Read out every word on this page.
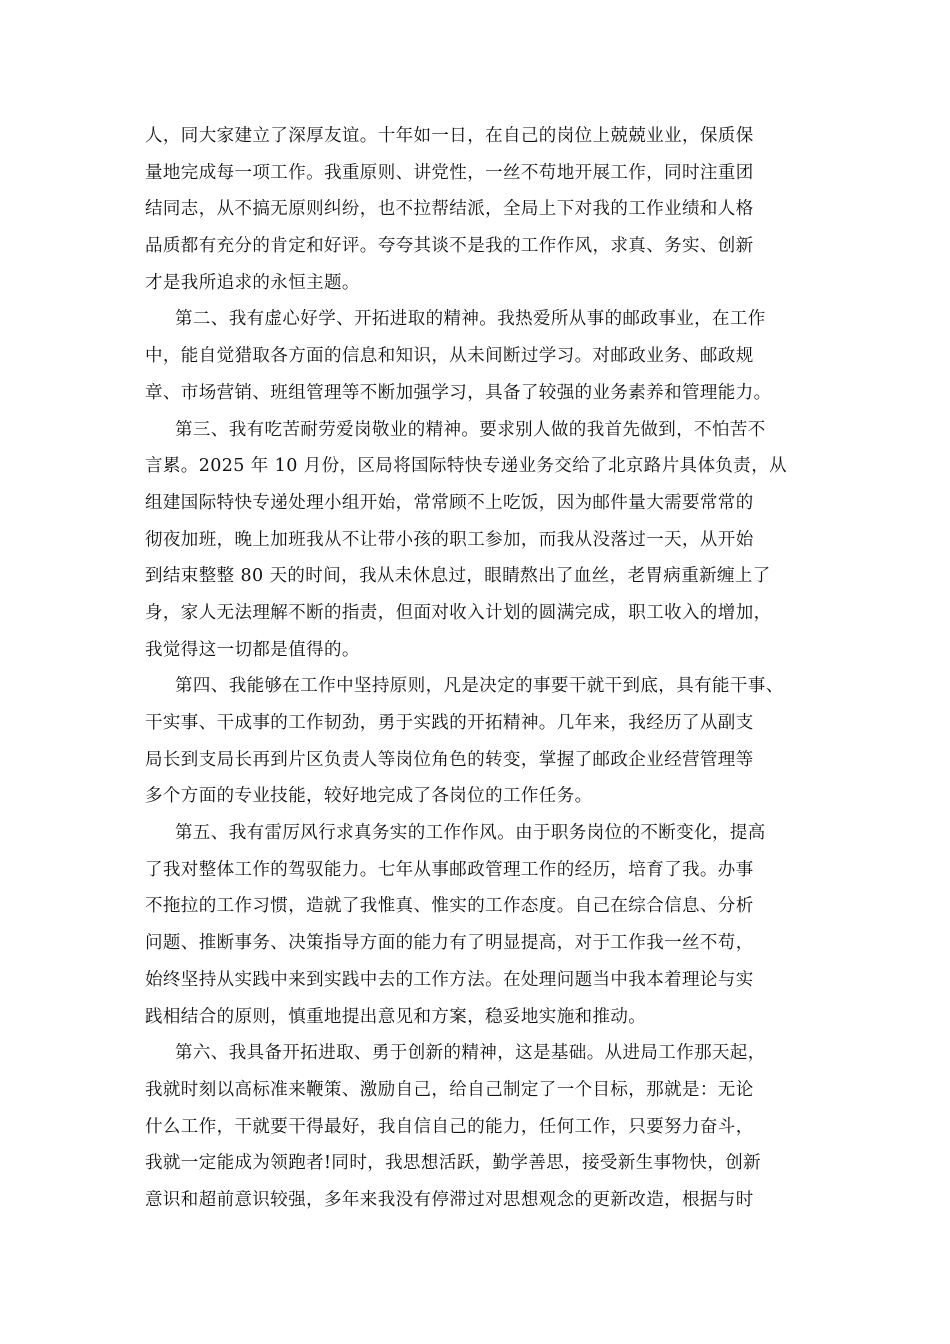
人，同大家建立了深厚友谊。十年如一日，在自己的岗位上兢兢业业，保质保
量地完成每一项工作。我重原则、讲党性，一丝不苟地开展工作，同时注重团
结同志，从不搞无原则纠纷，也不拉帮结派，全局上下对我的工作业绩和人格
品质都有充分的肯定和好评。夸夸其谈不是我的工作作风，求真、务实、创新
才是我所追求的永恒主题。
第二、我有虚心好学、开拓进取的精神。我热爱所从事的邮政事业，在工作
中，能自觉猎取各方面的信息和知识，从未间断过学习。对邮政业务、邮政规
章、市场营销、班组管理等不断加强学习，具备了较强的业务素养和管理能力。
第三、我有吃苦耐劳爱岗敬业的精神。要求别人做的我首先做到，不怕苦不
言累。2025 年 10 月份，区局将国际特快专递业务交给了北京路片具体负责，从
组建国际特快专递处理小组开始，常常顾不上吃饭，因为邮件量大需要常常的
彻夜加班，晚上加班我从不让带小孩的职工参加，而我从没落过一天，从开始
到结束整整 80 天的时间，我从未休息过，眼睛熬出了血丝，老胃病重新缠上了
身，家人无法理解不断的指责，但面对收入计划的圆满完成，职工收入的增加，
我觉得这一切都是值得的。
第四、我能够在工作中坚持原则，凡是决定的事要干就干到底，具有能干事、
干实事、干成事的工作韧劲，勇于实践的开拓精神。几年来，我经历了从副支
局长到支局长再到片区负责人等岗位角色的转变，掌握了邮政企业经营管理等
多个方面的专业技能，较好地完成了各岗位的工作任务。
第五、我有雷厉风行求真务实的工作作风。由于职务岗位的不断变化，提高
了我对整体工作的驾驭能力。七年从事邮政管理工作的经历，培育了我。办事
不拖拉的工作习惯，造就了我惟真、惟实的工作态度。自己在综合信息、分析
问题、推断事务、决策指导方面的能力有了明显提高，对于工作我一丝不苟，
始终坚持从实践中来到实践中去的工作方法。在处理问题当中我本着理论与实
践相结合的原则，慎重地提出意见和方案，稳妥地实施和推动。
第六、我具备开拓进取、勇于创新的精神，这是基础。从进局工作那天起，
我就时刻以高标准来鞭策、激励自己，给自己制定了一个目标，那就是：无论
什么工作，干就要干得最好，我自信自己的能力，任何工作，只要努力奋斗，
我就一定能成为领跑者!同时，我思想活跃，勤学善思，接受新生事物快，创新
意识和超前意识较强，多年来我没有停滞过对思想观念的更新改造，根据与时
